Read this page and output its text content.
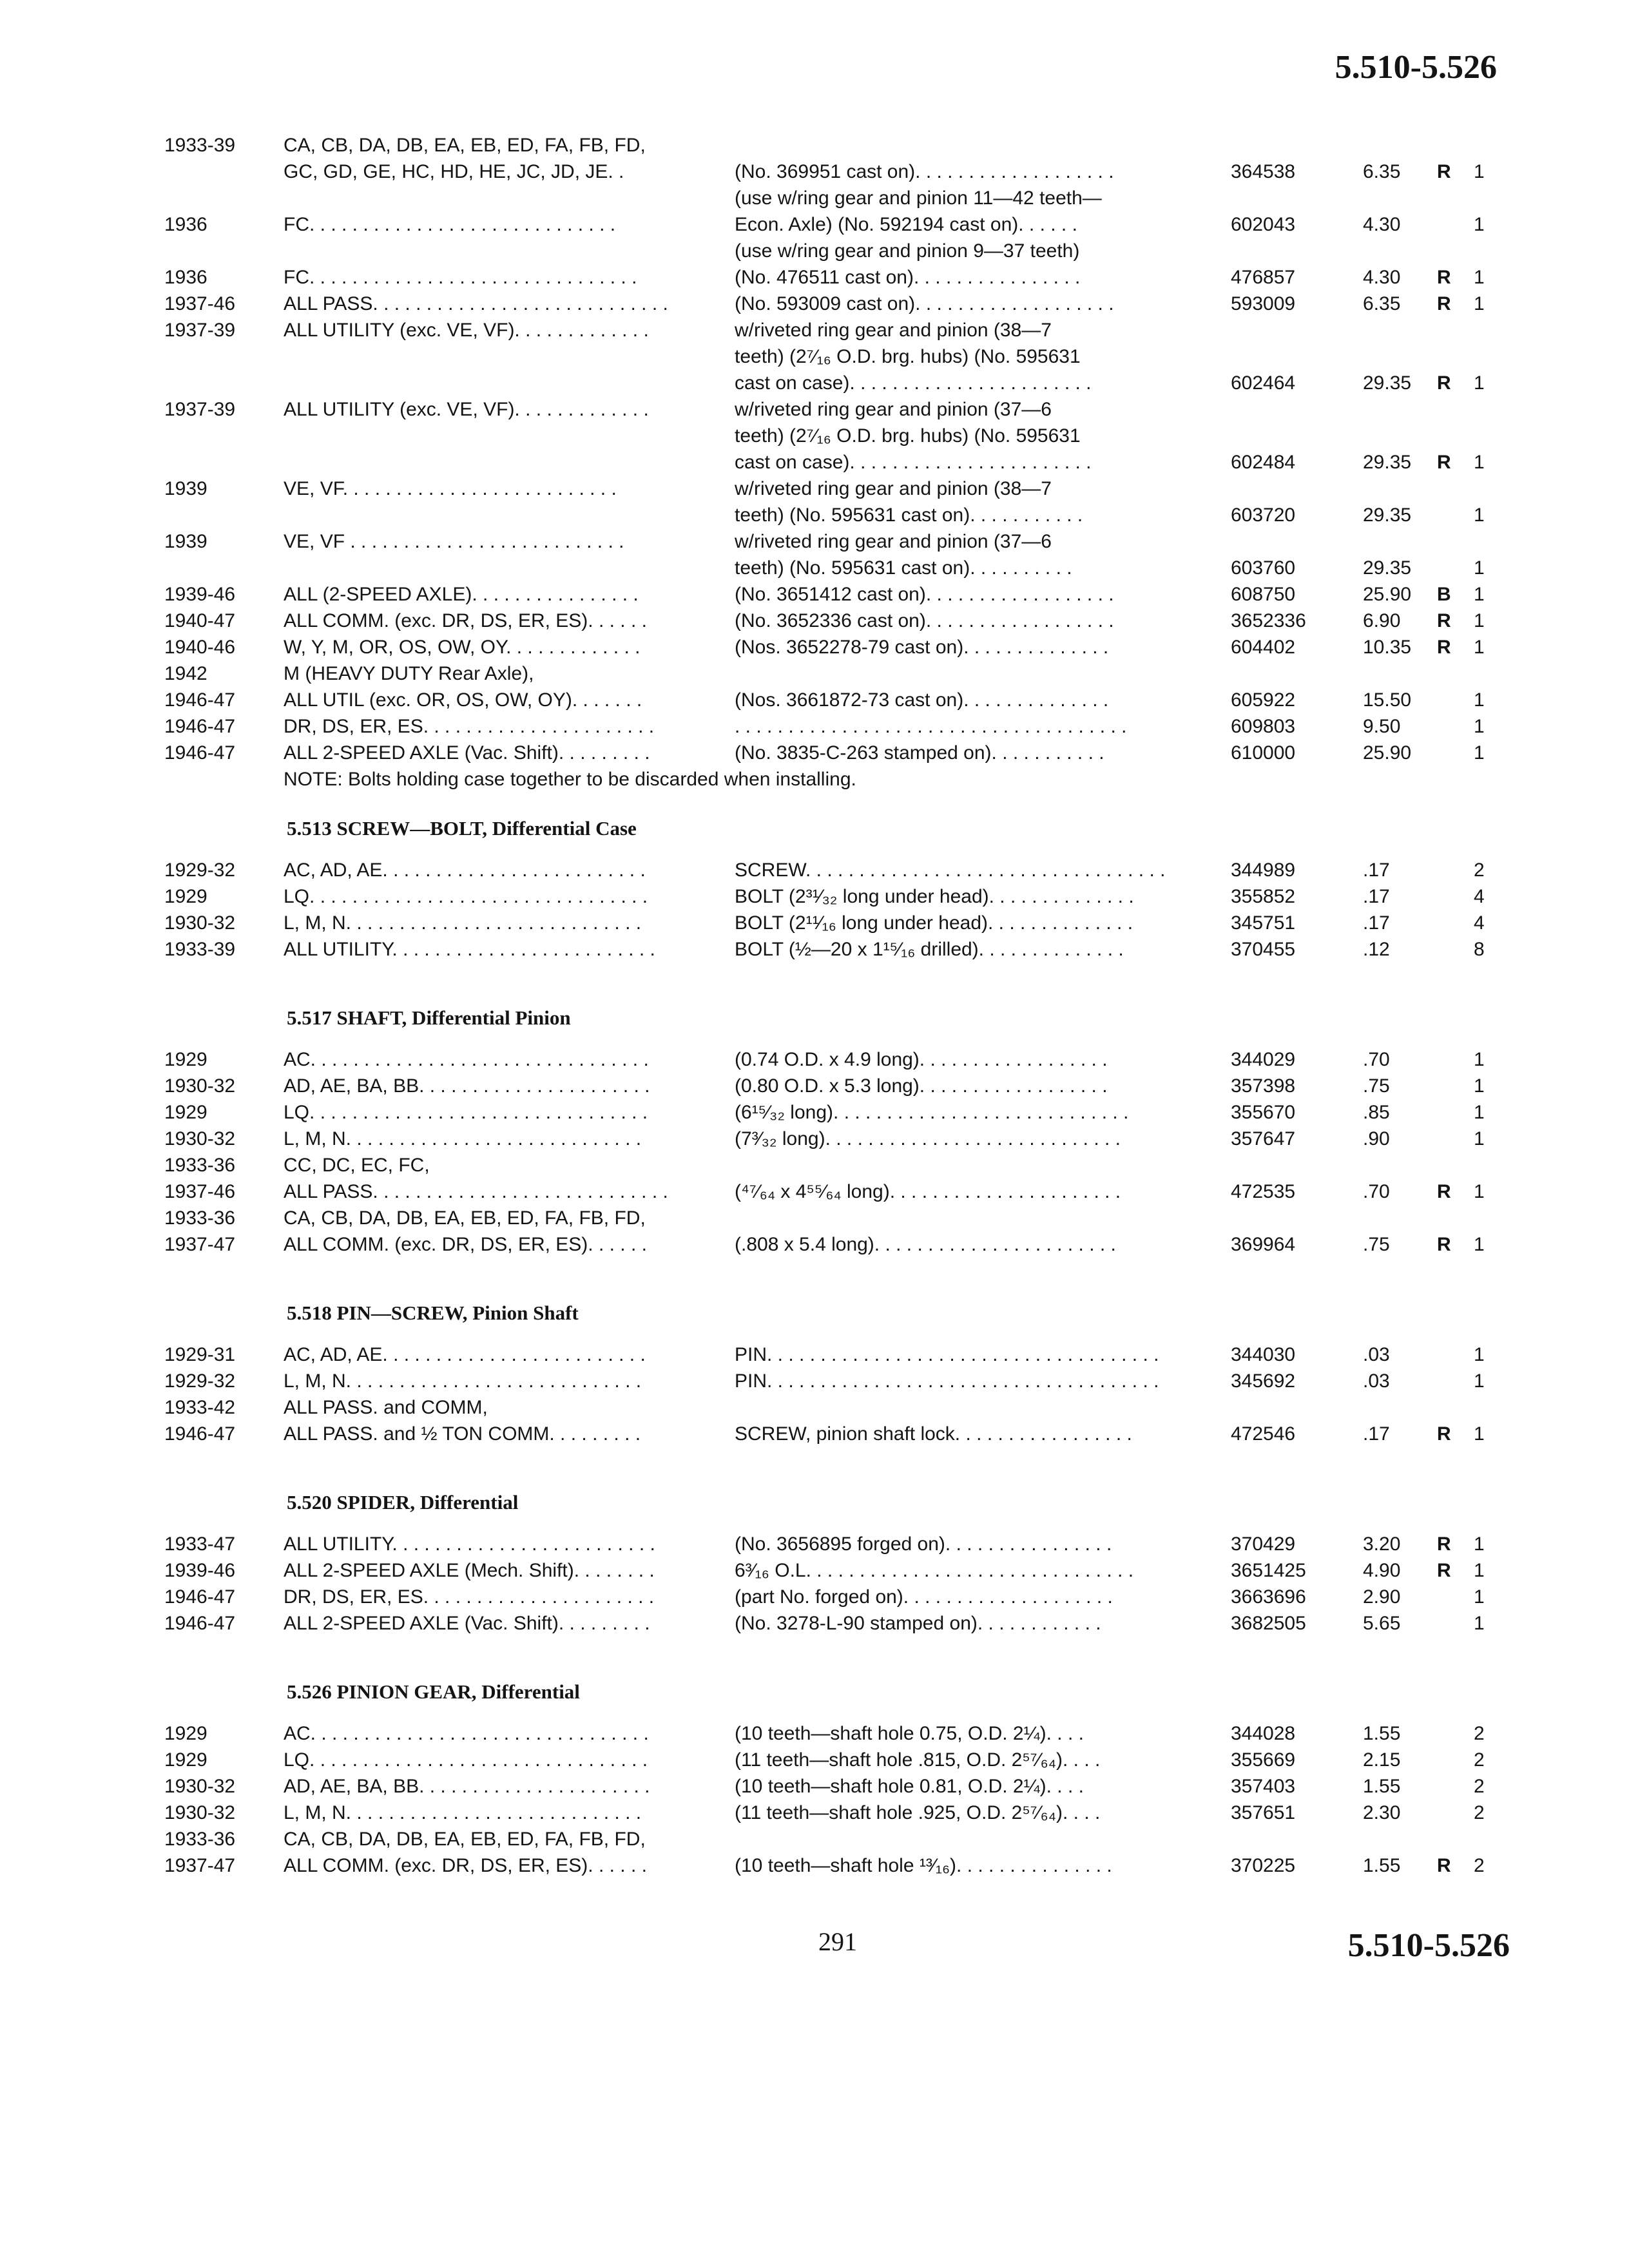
5.510-5.526
1933-39 CA, CB, DA, DB, EA, EB, ED, FA, FB, FD,
GC, GD, GE, HC, HD, HE, JC, JD, JE. .	(No. 369951 cast on). . . . . . . . . . . . . . . . . . .	364538	6.35 R 1
(use w/ring gear and pinion 11—42 teeth—
1936	FC. . . . . . . . . . . . . . . . . . . . . . . . . . . . .	Econ. Axle) (No. 592194 cast on). . . . . .	602043	4.30	1
(use w/ring gear and pinion 9—37 teeth)
1936	FC. . . . . . . . . . . . . . . . . . . . . . . . . . . . . . .	(No. 476511 cast on). . . . . . . . . . . . . . . .	476857	4.30 R 1
1937-46 ALL PASS. . . . . . . . . . . . . . . . . . . . . . . . . . . .	(No. 593009 cast on). . . . . . . . . . . . . . . . . . .	593009	6.35 R 1
1937-39 ALL UTILITY (exc. VE, VF). . . . . . . . . . . . .	w/riveted ring gear and pinion (38—7
teeth) (2⁷⁄₁₆ O.D. brg. hubs) (No. 595631
cast on case). . . . . . . . . . . . . . . . . . . . . . .	602464	29.35 R 1
1937-39 ALL UTILITY (exc. VE, VF). . . . . . . . . . . . .	w/riveted ring gear and pinion (37—6
teeth) (2⁷⁄₁₆ O.D. brg. hubs) (No. 595631
cast on case). . . . . . . . . . . . . . . . . . . . . . .	602484	29.35 R 1
1939	VE, VF. . . . . . . . . . . . . . . . . . . . . . . . . .	w/riveted ring gear and pinion (38—7
teeth) (No. 595631 cast on). . . . . . . . . . .	603720	29.35	1
1939	VE, VF . . . . . . . . . . . . . . . . . . . . . . . . . .	w/riveted ring gear and pinion (37—6
teeth) (No. 595631 cast on). . . . . . . . . .	603760	29.35	1
1939-46 ALL (2-SPEED AXLE). . . . . . . . . . . . . . . .	(No. 3651412 cast on). . . . . . . . . . . . . . . . . .	608750	25.90 B 1
1940-47 ALL COMM. (exc. DR, DS, ER, ES). . . . . .	(No. 3652336 cast on). . . . . . . . . . . . . . . . . .	3652336	6.90 R 1
1940-46 W, Y, M, OR, OS, OW, OY. . . . . . . . . . . . .	(Nos. 3652278-79 cast on). . . . . . . . . . . . . .	604402	10.35 R 1
1942	M (HEAVY DUTY Rear Axle),
1946-47 ALL UTIL (exc. OR, OS, OW, OY). . . . . . .	(Nos. 3661872-73 cast on). . . . . . . . . . . . . .	605922	15.50	1
1946-47 DR, DS, ER, ES. . . . . . . . . . . . . . . . . . . . . .	. . . . . . . . . . . . . . . . . . . . . . . . . . . . . . . . . . . . .	609803	9.50	1
1946-47 ALL 2-SPEED AXLE (Vac. Shift). . . . . . . . .	(No. 3835-C-263 stamped on). . . . . . . . . . .	610000	25.90	1
NOTE: Bolts holding case together to be discarded when installing.
5.513 SCREW—BOLT, Differential Case
1929-32 AC, AD, AE. . . . . . . . . . . . . . . . . . . . . . . . .	SCREW. . . . . . . . . . . . . . . . . . . . . . . . . . . . . . . . . .	344989	.17	2
1929	LQ. . . . . . . . . . . . . . . . . . . . . . . . . . . . . . . .	BOLT (2³¹⁄₃₂ long under head). . . . . . . . . . . . . .	355852	.17	4
1930-32 L, M, N. . . . . . . . . . . . . . . . . . . . . . . . . . . .	BOLT (2¹¹⁄₁₆ long under head). . . . . . . . . . . . . .	345751	.17	4
1933-39 ALL UTILITY. . . . . . . . . . . . . . . . . . . . . . . . .	BOLT (½—20 x 1¹⁵⁄₁₆ drilled). . . . . . . . . . . . . .	370455	.12	8
5.517 SHAFT, Differential Pinion
1929	AC. . . . . . . . . . . . . . . . . . . . . . . . . . . . . . . .	(0.74 O.D. x 4.9 long). . . . . . . . . . . . . . . . . .	344029	.70	1
1930-32 AD, AE, BA, BB. . . . . . . . . . . . . . . . . . . . . .	(0.80 O.D. x 5.3 long). . . . . . . . . . . . . . . . . .	357398	.75	1
1929	LQ. . . . . . . . . . . . . . . . . . . . . . . . . . . . . . . .	(6¹⁵⁄₃₂ long). . . . . . . . . . . . . . . . . . . . . . . . . . . .	355670	.85	1
1930-32 L, M, N. . . . . . . . . . . . . . . . . . . . . . . . . . . .	(7³⁄₃₂ long). . . . . . . . . . . . . . . . . . . . . . . . . . . .	357647	.90	1
1933-36 CC, DC, EC, FC,
1937-46 ALL PASS. . . . . . . . . . . . . . . . . . . . . . . . . . . .	(⁴⁷⁄₆₄ x 4⁵⁵⁄₆₄ long). . . . . . . . . . . . . . . . . . . . . .	472535	.70 R 1
1933-36 CA, CB, DA, DB, EA, EB, ED, FA, FB, FD,
1937-47 ALL COMM. (exc. DR, DS, ER, ES). . . . . .	(.808 x 5.4 long). . . . . . . . . . . . . . . . . . . . . . .	369964	.75 R 1
5.518 PIN—SCREW, Pinion Shaft
1929-31 AC, AD, AE. . . . . . . . . . . . . . . . . . . . . . . . .	PIN. . . . . . . . . . . . . . . . . . . . . . . . . . . . . . . . . . . . .	344030	.03	1
1929-32 L, M, N. . . . . . . . . . . . . . . . . . . . . . . . . . . .	PIN. . . . . . . . . . . . . . . . . . . . . . . . . . . . . . . . . . . . .	345692	.03	1
1933-42 ALL PASS. and COMM,
1946-47 ALL PASS. and ½ TON COMM. . . . . . . . .	SCREW, pinion shaft lock. . . . . . . . . . . . . . . . .	472546	.17 R 1
5.520 SPIDER, Differential
1933-47 ALL UTILITY. . . . . . . . . . . . . . . . . . . . . . . . .	(No. 3656895 forged on). . . . . . . . . . . . . . . .	370429	3.20 R 1
1939-46 ALL 2-SPEED AXLE (Mech. Shift). . . . . . . .	6³⁄₁₆ O.L. . . . . . . . . . . . . . . . . . . . . . . . . . . . . . .	3651425	4.90 R 1
1946-47 DR, DS, ER, ES. . . . . . . . . . . . . . . . . . . . . .	(part No. forged on). . . . . . . . . . . . . . . . . . . .	3663696	2.90	1
1946-47 ALL 2-SPEED AXLE (Vac. Shift). . . . . . . . .	(No. 3278-L-90 stamped on). . . . . . . . . . . .	3682505	5.65	1
5.526 PINION GEAR, Differential
1929	AC. . . . . . . . . . . . . . . . . . . . . . . . . . . . . . . .	(10 teeth—shaft hole 0.75, O.D. 2¼). . . .	344028	1.55	2
1929	LQ. . . . . . . . . . . . . . . . . . . . . . . . . . . . . . . .	(11 teeth—shaft hole .815, O.D. 2⁵⁷⁄₆₄). . . .	355669	2.15	2
1930-32 AD, AE, BA, BB. . . . . . . . . . . . . . . . . . . . . .	(10 teeth—shaft hole 0.81, O.D. 2¼). . . .	357403	1.55	2
1930-32 L, M, N. . . . . . . . . . . . . . . . . . . . . . . . . . . .	(11 teeth—shaft hole .925, O.D. 2⁵⁷⁄₆₄). . . .	357651	2.30	2
1933-36 CA, CB, DA, DB, EA, EB, ED, FA, FB, FD,
1937-47 ALL COMM. (exc. DR, DS, ER, ES). . . . . .	(10 teeth—shaft hole ¹³⁄₁₆). . . . . . . . . . . . . . .	370225	1.55 R 2
291	5.510-5.526
